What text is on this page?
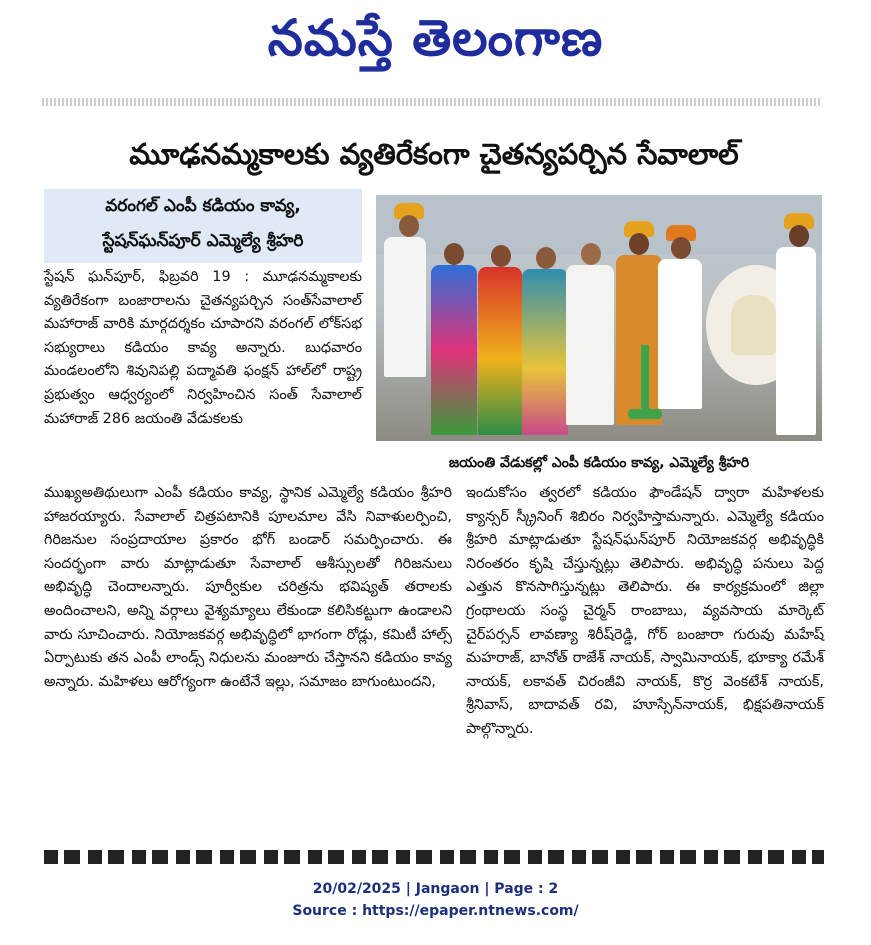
నమస్తే తెలంగాణ
మూఢనమ్మకాలకు వ్యతిరేకంగా చైతన్యపర్చిన సేవాలాల్
వరంగల్ ఎంపీ కడియం కావ్య,
స్టేషన్‌ఘన్‌పూర్ ఎమ్మెల్యే శ్రీహరి
స్టేషన్ ఘన్‌పూర్, ఫిబ్రవరి 19 : మూఢనమ్మకాలకు వ్యతిరేకంగా బంజారాలను చైతన్యపర్చిన సంత్‌సేవాలాల్ మహారాజ్ వారికి మార్గదర్శకం చూపారని వరంగల్ లోక్‌సభ సభ్యురాలు కడియం కావ్య అన్నారు. బుధవారం మండలంలోని శివునిపల్లి పద్మావతి ఫంక్షన్ హాల్‌లో రాష్ట్ర ప్రభుత్వం ఆధ్వర్యంలో నిర్వహించిన సంత్ సేవాలాల్ మహారాజ్ 286 జయంతి వేడుకలకు
జయంతి వేడుకల్లో ఎంపీ కడియం కావ్య, ఎమ్మెల్యే శ్రీహరి
ముఖ్యఅతిథులుగా ఎంపీ కడియం కావ్య, స్థానిక ఎమ్మెల్యే కడియం శ్రీహరి హాజరయ్యారు. సేవాలాల్ చిత్రపటానికి పూలమాల వేసి నివాళులర్పించి, గిరిజనుల సంప్రదాయాల ప్రకారం భోగ్ బండార్ సమర్పించారు. ఈ సందర్భంగా వారు మాట్లాడుతూ సేవాలాల్ ఆశీస్సులతో గిరిజనులు అభివృద్ధి చెందాలన్నారు. పూర్వీకుల చరిత్రను భవిష్యత్ తరాలకు అందించాలని, అన్ని వర్గాలు వైశ్యమ్యాలు లేకుండా కలిసికట్టుగా ఉండాలని వారు సూచించారు. నియోజకవర్గ అభివృద్ధిలో భాగంగా రోడ్లు, కమిటీ హాల్స్ ఏర్పాటుకు తన ఎంపీ లాండ్స్ నిధులను మంజూరు చేస్తానని కడియం కావ్య అన్నారు. మహిళలు ఆరోగ్యంగా ఉంటేనే ఇల్లు, సమాజం బాగుంటుందని,
ఇందుకోసం త్వరలో కడియం ఫౌండేషన్ ద్వారా మహిళలకు క్యాన్సర్ స్క్రీనింగ్ శిబిరం నిర్వహిస్తామన్నారు. ఎమ్మెల్యే కడియం శ్రీహరి మాట్లాడుతూ స్టేషన్‌ఘన్‌పూర్ నియోజకవర్గ అభివృద్ధికి నిరంతరం కృషి చేస్తున్నట్లు తెలిపారు. అభివృద్ధి పనులు పెద్ద ఎత్తున కొనసాగిస్తున్నట్లు తెలిపారు. ఈ కార్యక్రమంలో జిల్లా గ్రంథాలయ సంస్థ చైర్మన్ రాంబాబు, వ్యవసాయ మార్కెట్ చైర్‌పర్సన్ లావణ్యా శిరీష్‌రెడ్డి, గోర్ బంజారా గురువు మహేష్ మహరాజ్, బానోత్ రాజేశ్ నాయక్, స్వామినాయక్, భూక్యా రమేశ్ నాయక్, లకావత్ చిరంజీవి నాయక్, కొర్ర వెంకటేశ్ నాయక్, శ్రీనివాస్, బాదావత్ రవి, హూస్సేన్‌నాయక్, భిక్షపతినాయక్ పాల్గొన్నారు.
20/02/2025 | Jangaon | Page : 2
Source : https://epaper.ntnews.com/
